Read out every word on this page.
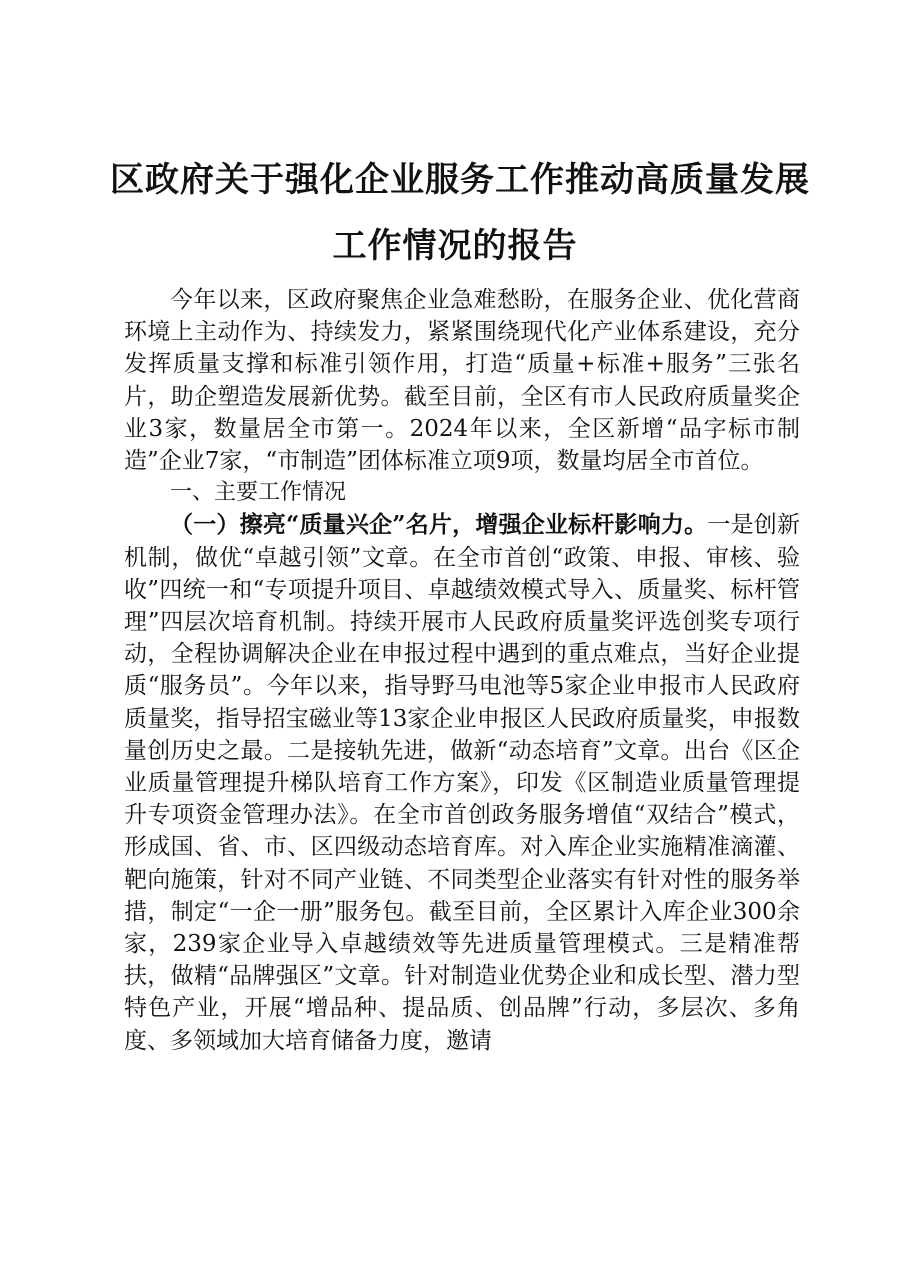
区政府关于强化企业服务工作推动高质量发展
工作情况的报告

今年以来，区政府聚焦企业急难愁盼，在服务企业、优化营商环境上主动作为、持续发力，紧紧围绕现代化产业体系建设，充分发挥质量支撑和标准引领作用，打造“质量+标准+服务”三张名片，助企塑造发展新优势。截至目前，全区有市人民政府质量奖企业3家，数量居全市第一。2024年以来，全区新增“品字标市制造”企业7家，“市制造”团体标准立项9项，数量均居全市首位。

一、主要工作情况

（一）擦亮“质量兴企”名片，增强企业标杆影响力。一是创新机制，做优“卓越引领”文章。在全市首创“政策、申报、审核、验收”四统一和“专项提升项目、卓越绩效模式导入、质量奖、标杆管理”四层次培育机制。持续开展市人民政府质量奖评选创奖专项行动，全程协调解决企业在申报过程中遇到的重点难点，当好企业提质“服务员”。今年以来，指导野马电池等5家企业申报市人民政府质量奖，指导招宝磁业等13家企业申报区人民政府质量奖，申报数量创历史之最。二是接轨先进，做新“动态培育”文章。出台《区企业质量管理提升梯队培育工作方案》，印发《区制造业质量管理提升专项资金管理办法》。在全市首创政务服务增值“双结合”模式，形成国、省、市、区四级动态培育库。对入库企业实施精准滴灌、靶向施策，针对不同产业链、不同类型企业落实有针对性的服务举措，制定“一企一册”服务包。截至目前，全区累计入库企业300余家，239家企业导入卓越绩效等先进质量管理模式。三是精准帮扶，做精“品牌强区”文章。针对制造业优势企业和成长型、潜力型特色产业，开展“增品种、提品质、创品牌”行动，多层次、多角度、多领域加大培育储备力度，邀请
